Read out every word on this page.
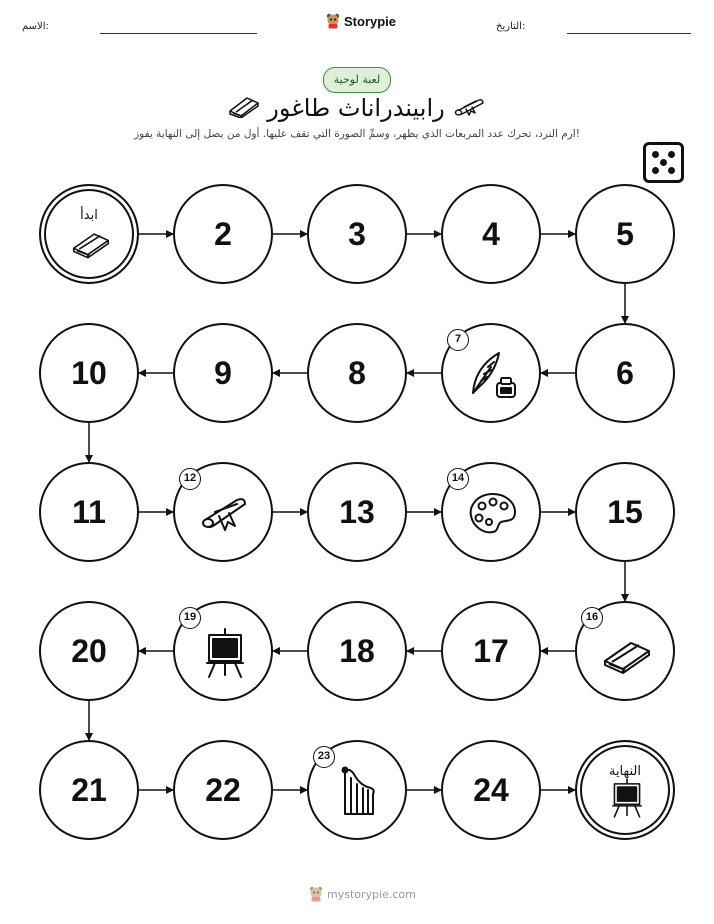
الاسم:	Storypie	التاريخ:
لعبة لوحية
رابيندراناث طاغور
ارم النرد، تحرك عدد المربعات الذي يظهر، وسمِّ الصورة التي تقف عليها. أول من يصل إلى النهاية يفوز!
ابدأ	2	3	4	5
6
7
8
9
10
11
12
13
14
15
16
17
18
19
20
21	22
23
24	النهاية
mystorypie.com
